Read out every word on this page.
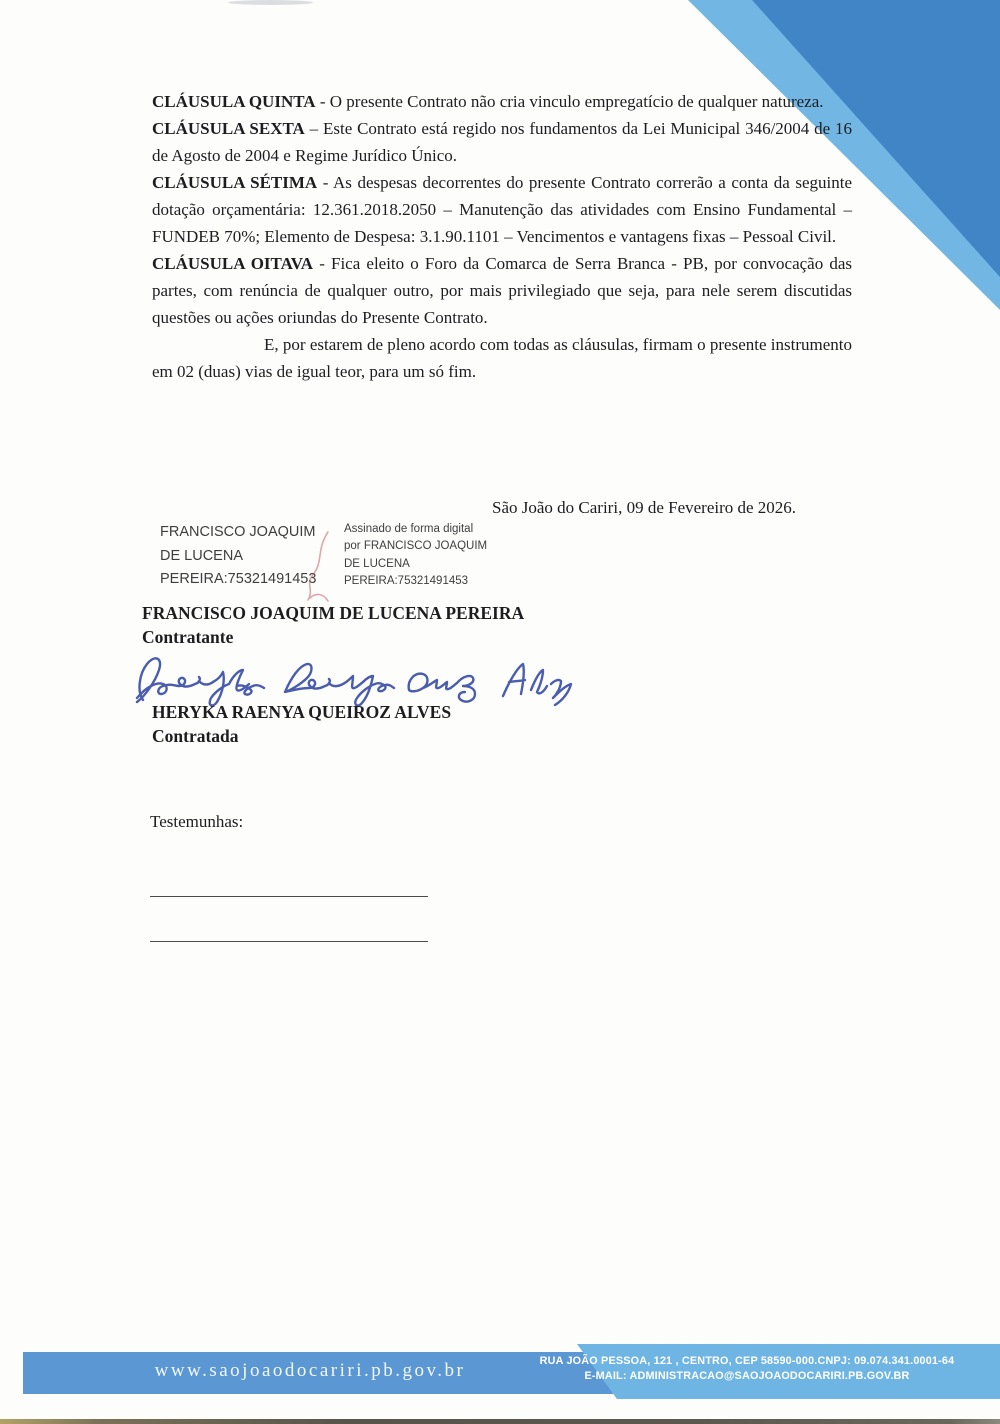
CLÁUSULA QUINTA - O presente Contrato não cria vinculo empregatício de qualquer natureza.

CLÁUSULA SEXTA – Este Contrato está regido nos fundamentos da Lei Municipal 346/2004 de 16 de Agosto de 2004 e Regime Jurídico Único.

CLÁUSULA SÉTIMA - As despesas decorrentes do presente Contrato correrão a conta da seguinte dotação orçamentária: 12.361.2018.2050 – Manutenção das atividades com Ensino Fundamental – FUNDEB 70%; Elemento de Despesa: 3.1.90.1101 – Vencimentos e vantagens fixas – Pessoal Civil.

CLÁUSULA OITAVA - Fica eleito o Foro da Comarca de Serra Branca - PB, por convocação das partes, com renúncia de qualquer outro, por mais privilegiado que seja, para nele serem discutidas questões ou ações oriundas do Presente Contrato.

E, por estarem de pleno acordo com todas as cláusulas, firmam o presente instrumento em 02 (duas) vias de igual teor, para um só fim.

São João do Cariri, 09 de Fevereiro de 2026.
FRANCISCO JOAQUIM
DE LUCENA
PEREIRA:75321491453
Assinado de forma digital
por FRANCISCO JOAQUIM
DE LUCENA
PEREIRA:75321491453
FRANCISCO JOAQUIM DE LUCENA PEREIRA
Contratante
HERYKA RAENYA QUEIROZ ALVES
Contratada
Testemunhas:
www.saojoaodocariri.pb.gov.br	RUA JOÃO PESSOA, 121 , CENTRO, CEP 58590-000.CNPJ: 09.074.341.0001-64
E-MAIL: ADMINISTRACAO@SAOJOAODOCARIRI.PB.GOV.BR
